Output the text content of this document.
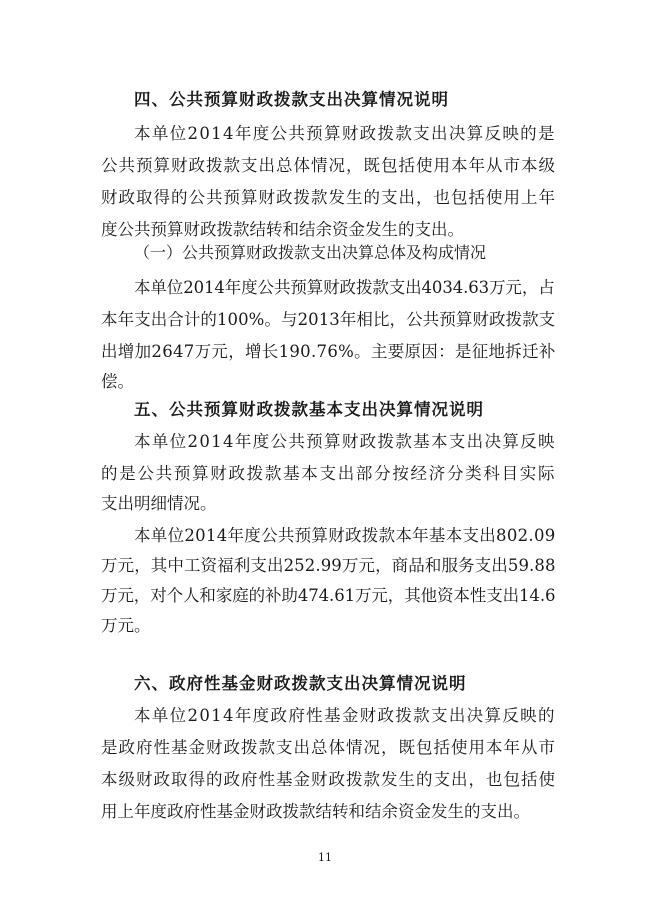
四、公共预算财政拨款支出决算情况说明
本单位2014年度公共预算财政拨款支出决算反映的是
公共预算财政拨款支出总体情况，既包括使用本年从市本级
财政取得的公共预算财政拨款发生的支出，也包括使用上年
度公共预算财政拨款结转和结余资金发生的支出。
（一）公共预算财政拨款支出决算总体及构成情况
本单位2014年度公共预算财政拨款支出4034.63万元，占
本年支出合计的100%。与2013年相比，公共预算财政拨款支
出增加2647万元，增长190.76%。主要原因：是征地拆迁补
偿。
五、公共预算财政拨款基本支出决算情况说明
本单位2014年度公共预算财政拨款基本支出决算反映
的是公共预算财政拨款基本支出部分按经济分类科目实际
支出明细情况。
本单位2014年度公共预算财政拨款本年基本支出802.09
万元，其中工资福利支出252.99万元，商品和服务支出59.88
万元，对个人和家庭的补助474.61万元，其他资本性支出14.6
万元。
六、政府性基金财政拨款支出决算情况说明
本单位2014年度政府性基金财政拨款支出决算反映的
是政府性基金财政拨款支出总体情况，既包括使用本年从市
本级财政取得的政府性基金财政拨款发生的支出，也包括使
用上年度政府性基金财政拨款结转和结余资金发生的支出。
11
